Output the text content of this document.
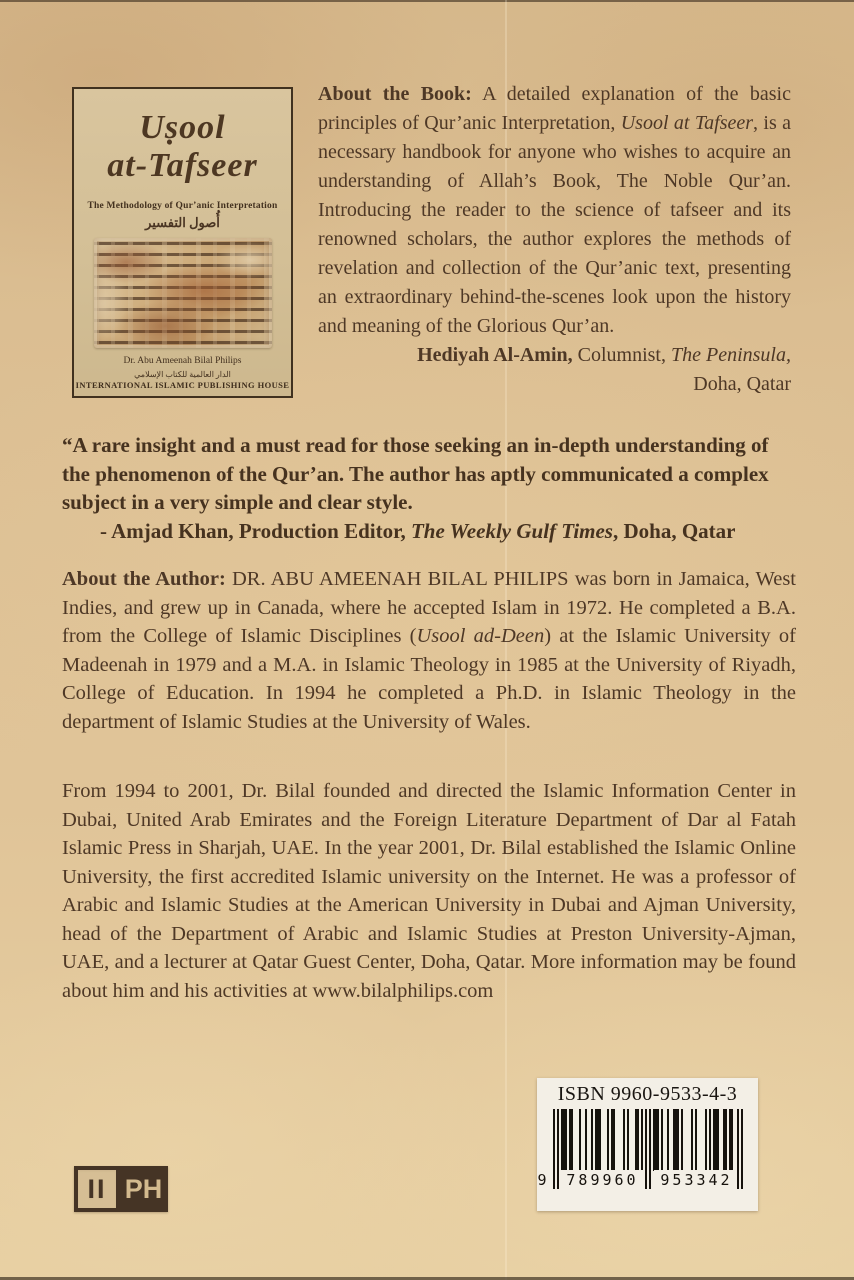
Uṣool
at-Tafseer
The Methodology of Qur’anic Interpretation
أُصول التفسير
Dr. Abu Ameenah Bilal Philips
الدار العالمية للكتاب الإسلامي
INTERNATIONAL ISLAMIC PUBLISHING HOUSE
About the Book: A detailed explanation of the basic principles of Qur’anic Interpretation, Usool at Tafseer, is a necessary handbook for anyone who wishes to acquire an understanding of Allah’s Book, The Noble Qur’an. Introducing the reader to the science of tafseer and its renowned scholars, the author explores the methods of revelation and collection of the Qur’anic text, presenting an extraordinary behind-the-scenes look upon the history and meaning of the Glorious Qur’an.
Hediyah Al-Amin, Columnist, The Peninsula,
Doha, Qatar
“A rare insight and a must read for those seeking an in-depth understanding of the phenomenon of the Qur’an. The author has aptly communicated a complex subject in a very simple and clear style.
- Amjad Khan, Production Editor, The Weekly Gulf Times, Doha, Qatar
About the Author: DR. ABU AMEENAH BILAL PHILIPS was born in Jamaica, West Indies, and grew up in Canada, where he accepted Islam in 1972. He completed a B.A. from the College of Islamic Disciplines (Usool ad-Deen) at the Islamic University of Madeenah in 1979 and a M.A. in Islamic Theology in 1985 at the University of Riyadh, College of Education. In 1994 he completed a Ph.D. in Islamic Theology in the department of Islamic Studies at the University of Wales.
From 1994 to 2001, Dr. Bilal founded and directed the Islamic Information Center in Dubai, United Arab Emirates and the Foreign Literature Department of Dar al Fatah Islamic Press in Sharjah, UAE. In the year 2001, Dr. Bilal established the Islamic Online University, the first accredited Islamic university on the Internet. He was a professor of Arabic and Islamic Studies at the American University in Dubai and Ajman University, head of the Department of Arabic and Islamic Studies at Preston University-Ajman, UAE, and a lecturer at Qatar Guest Center, Doha, Qatar. More information may be found about him and his activities at www.bilalphilips.com
ISBN 9960-9533-4-3
9	789960	953342
II PH
